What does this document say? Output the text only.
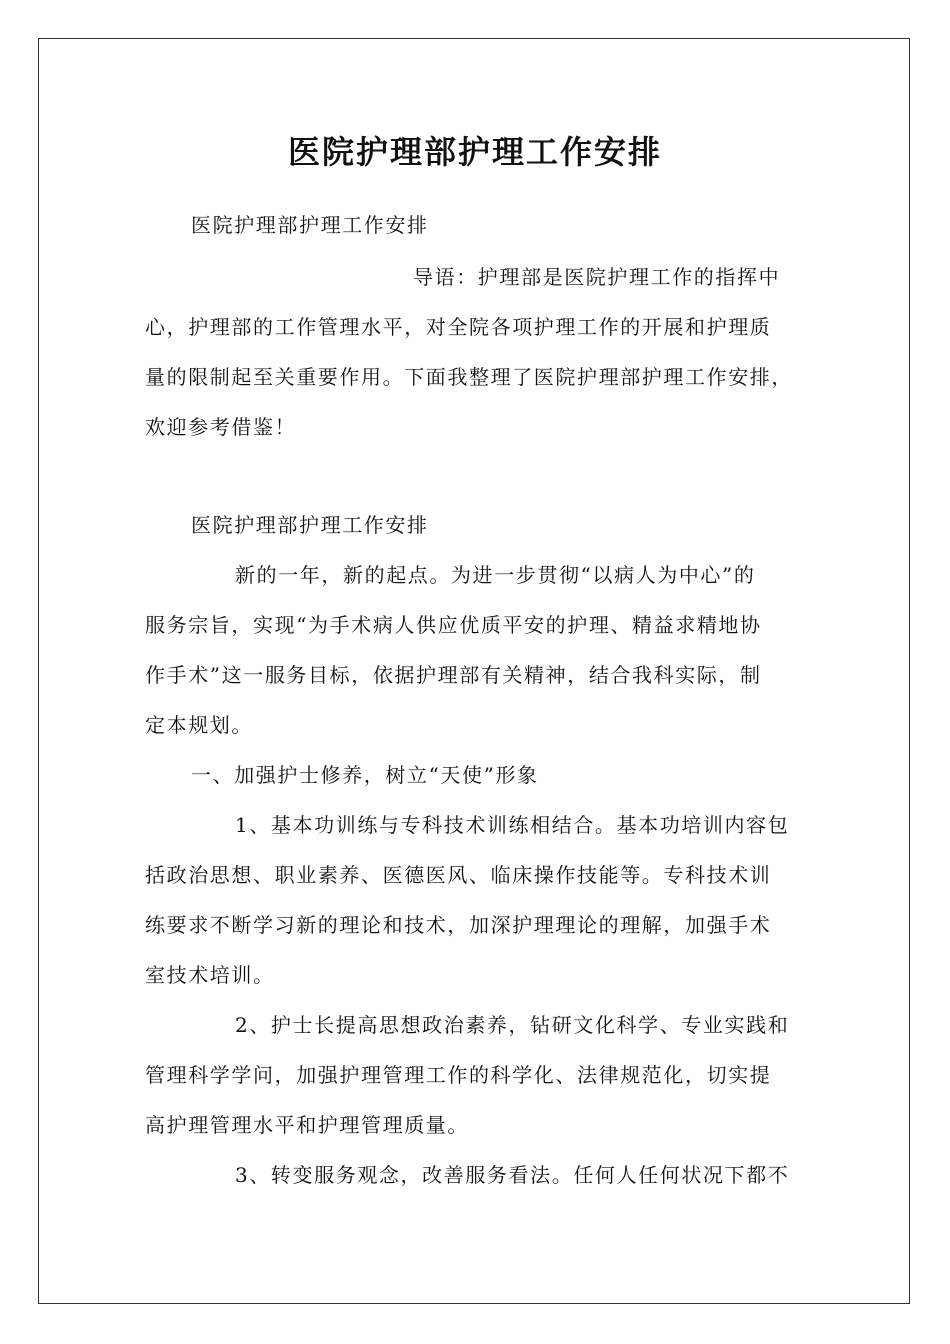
医院护理部护理工作安排

医院护理部护理工作安排

导语：护理部是医院护理工作的指挥中
心，护理部的工作管理水平，对全院各项护理工作的开展和护理质
量的限制起至关重要作用。下面我整理了医院护理部护理工作安排，
欢迎参考借鉴！

医院护理部护理工作安排

新的一年，新的起点。为进一步贯彻“以病人为中心”的
服务宗旨，实现“为手术病人供应优质平安的护理、精益求精地协
作手术”这一服务目标，依据护理部有关精神，结合我科实际，制
定本规划。

一、加强护士修养，树立“天使”形象

1、基本功训练与专科技术训练相结合。基本功培训内容包
括政治思想、职业素养、医德医风、临床操作技能等。专科技术训
练要求不断学习新的理论和技术，加深护理理论的理解，加强手术
室技术培训。

2、护士长提高思想政治素养，钻研文化科学、专业实践和
管理科学学问，加强护理管理工作的科学化、法律规范化，切实提
高护理管理水平和护理管理质量。

3、转变服务观念，改善服务看法。任何人任何状况下都不
